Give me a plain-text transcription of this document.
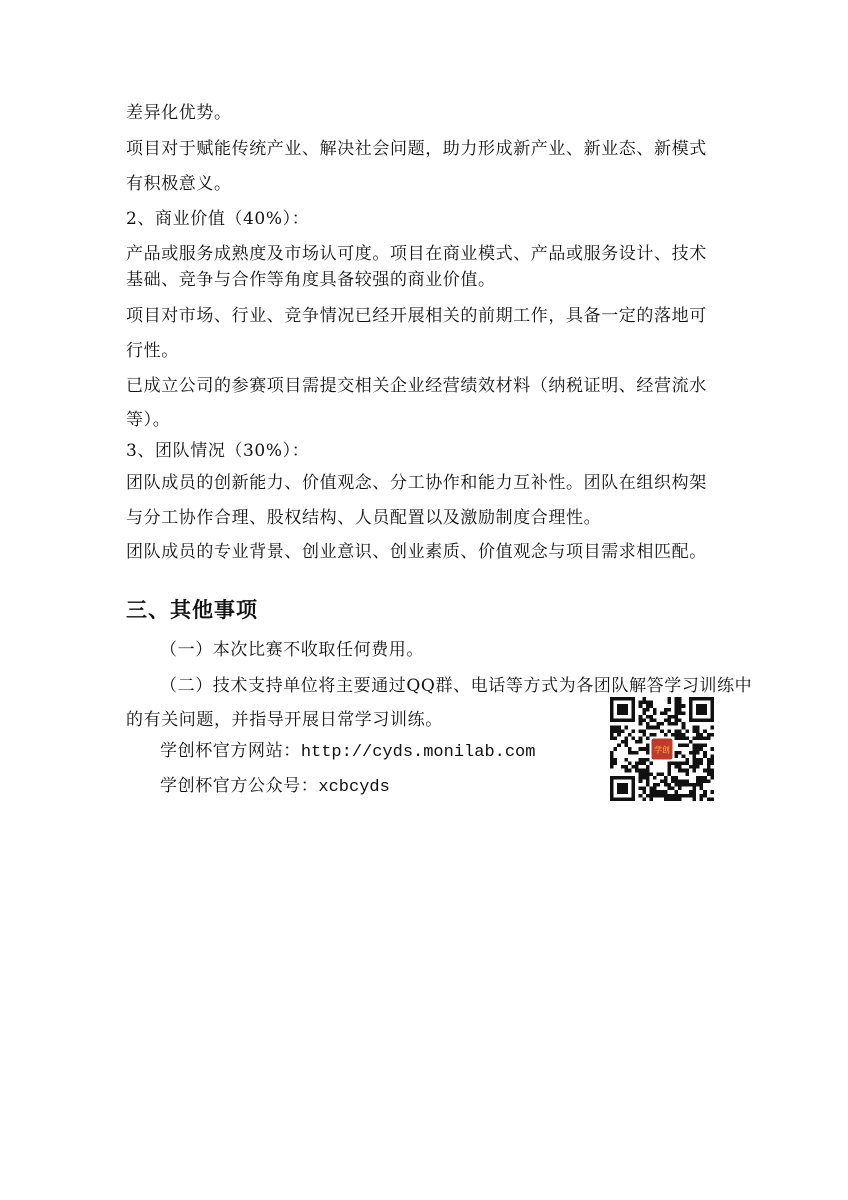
差异化优势。
项目对于赋能传统产业、解决社会问题，助力形成新产业、新业态、新模式
有积极意义。
2、商业价值（40%）：
产品或服务成熟度及市场认可度。项目在商业模式、产品或服务设计、技术
基础、竞争与合作等角度具备较强的商业价值。
项目对市场、行业、竞争情况已经开展相关的前期工作，具备一定的落地可
行性。
已成立公司的参赛项目需提交相关企业经营绩效材料（纳税证明、经营流水
等）。
3、团队情况（30%）：
团队成员的创新能力、价值观念、分工协作和能力互补性。团队在组织构架
与分工协作合理、股权结构、人员配置以及激励制度合理性。
团队成员的专业背景、创业意识、创业素质、价值观念与项目需求相匹配。
三、其他事项
（一）本次比赛不收取任何费用。
（二）技术支持单位将主要通过QQ群、电话等方式为各团队解答学习训练中
的有关问题，并指导开展日常学习训练。
学创杯官方网站：http://cyds.monilab.com
学创杯官方公众号：xcbcyds
学创
